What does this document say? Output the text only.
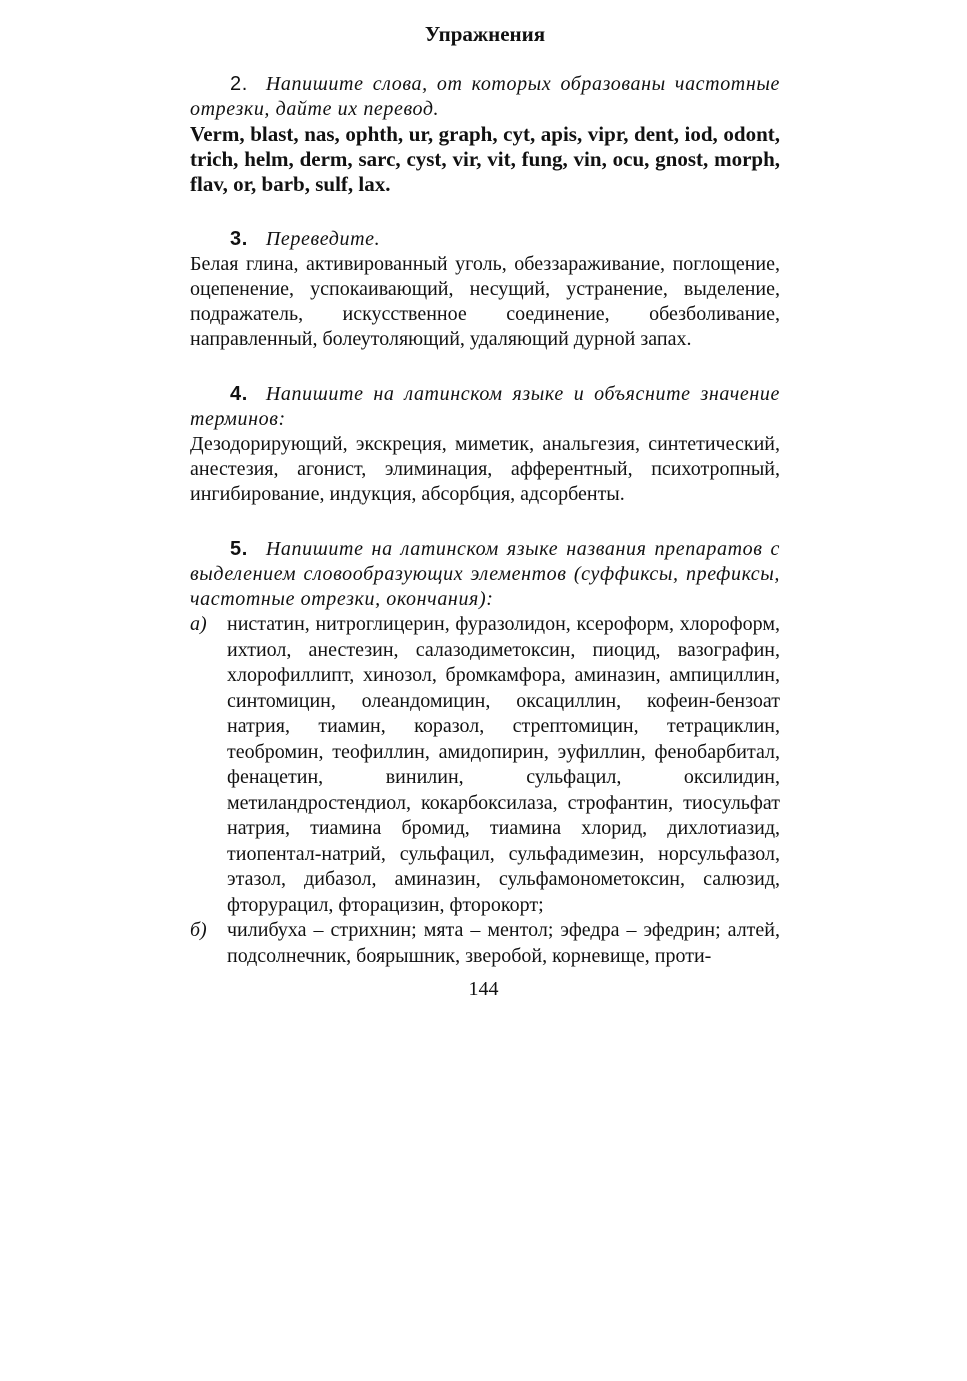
Упражнения

2. Напишите слова, от которых образованы частотные отрезки, дайте их перевод.

Verm, blast, nas, ophth, ur, graph, cyt, apis, vipr, dent, iod, odont, trich, helm, derm, sarc, cyst, vir, vit, fung, vin, ocu, gnost, morph, flav, or, barb, sulf, lax.

3. Переведите.

Белая глина, активированный уголь, обеззараживание, поглощение, оцепенение, успокаивающий, несущий, устранение, выделение, подражатель, искусственное соединение, обезболивание, направленный, болеутоляющий, удаляющий дурной запах.

4. Напишите на латинском языке и объясните значение терминов:

Дезодорирующий, экскреция, миметик, анальгезия, синтетический, анестезия, агонист, элиминация, афферентный, психотропный, ингибирование, индукция, абсорбция, адсорбенты.

5. Напишите на латинском языке названия препаратов с выделением словообразующих элементов (суффиксы, префиксы, частотные отрезки, окончания):

а)	нистатин, нитроглицерин, фуразолидон, ксероформ, хлороформ, ихтиол, анестезин, салазодиметоксин, пиоцид, вазографин, хлорофиллипт, хинозол, бромкамфора, аминазин, ампициллин, синтомицин, олеандомицин, оксациллин, кофеин-бензоат натрия, тиамин, коразол, стрептомицин, тетрациклин, теобромин, теофиллин, амидопирин, эуфиллин, фенобарбитал, фенацетин, винилин, сульфацил, оксилидин, метиландростендиол, кокарбоксилаза, строфантин, тиосульфат натрия, тиамина бромид, тиамина хлорид, дихлотиазид, тиопентал-натрий, сульфацил, сульфадимезин, норсульфазол, этазол, дибазол, аминазин, сульфамонометоксин, салюзид, фторурацил, фторацизин, фторокорт;
б)	чилибуха – стрихнин; мята – ментол; эфедра – эфедрин; алтей, подсолнечник, боярышник, зверобой, корневище, проти-
144
